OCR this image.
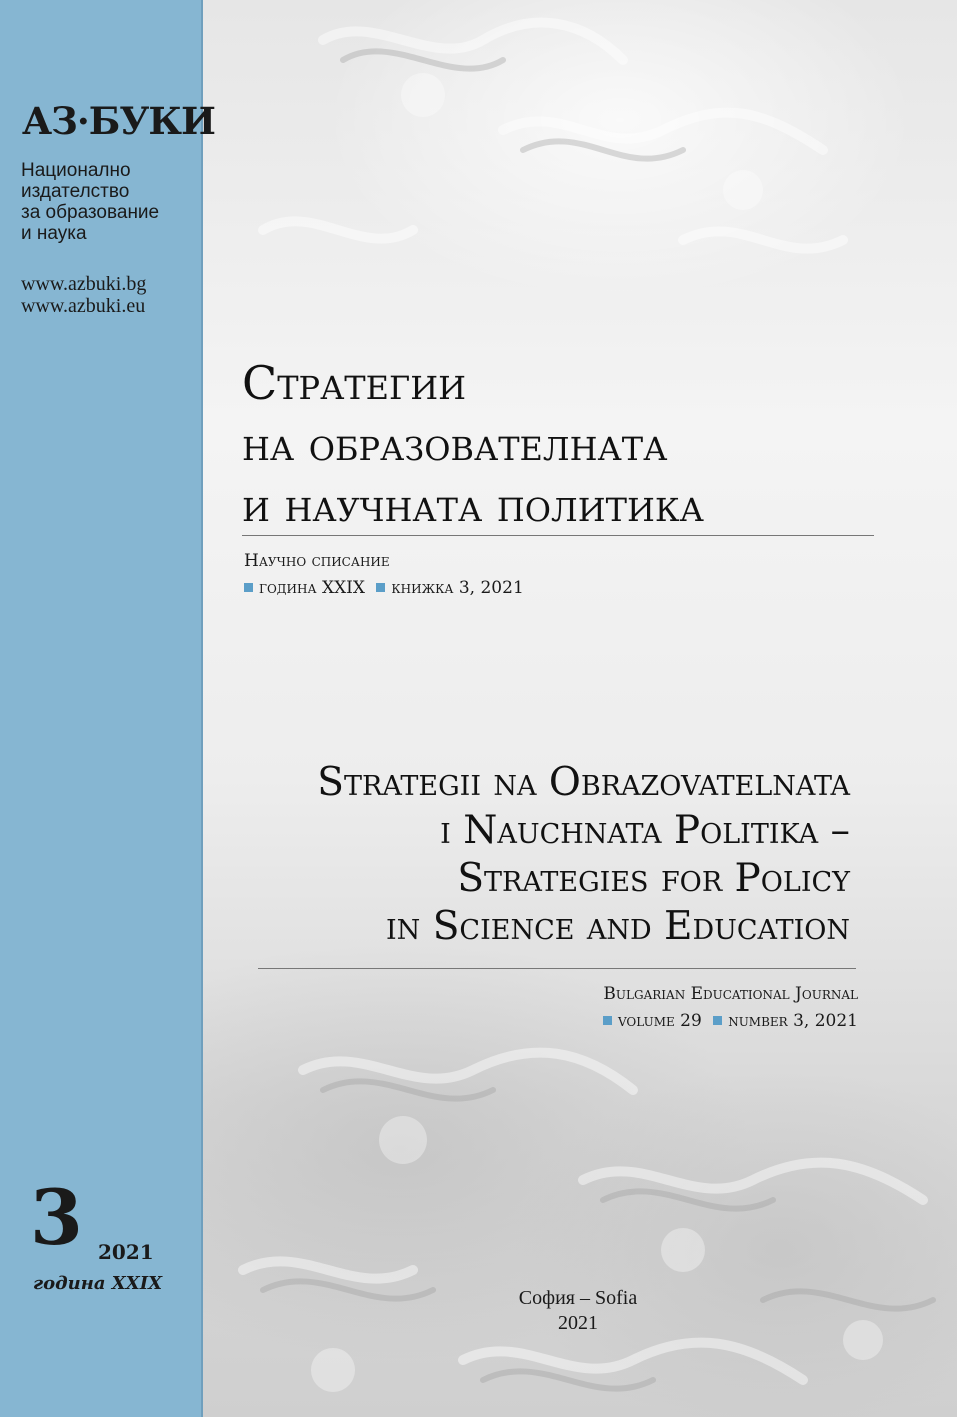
АЗ·БУКИ
Национално
издателство
за образование
и наука
www.azbuki.bg
www.azbuki.eu
3 2021
година XXIX
Стратегии
на образователната
и научната политика
Научно списание
година XXIX книжка 3, 2021
Strategii na Obrazovatelnata
i Nauchnata Politika –
Strategies for Policy
in Science and Education
Bulgarian Educational Journal
volume 29 number 3, 2021
София – Sofia
2021
